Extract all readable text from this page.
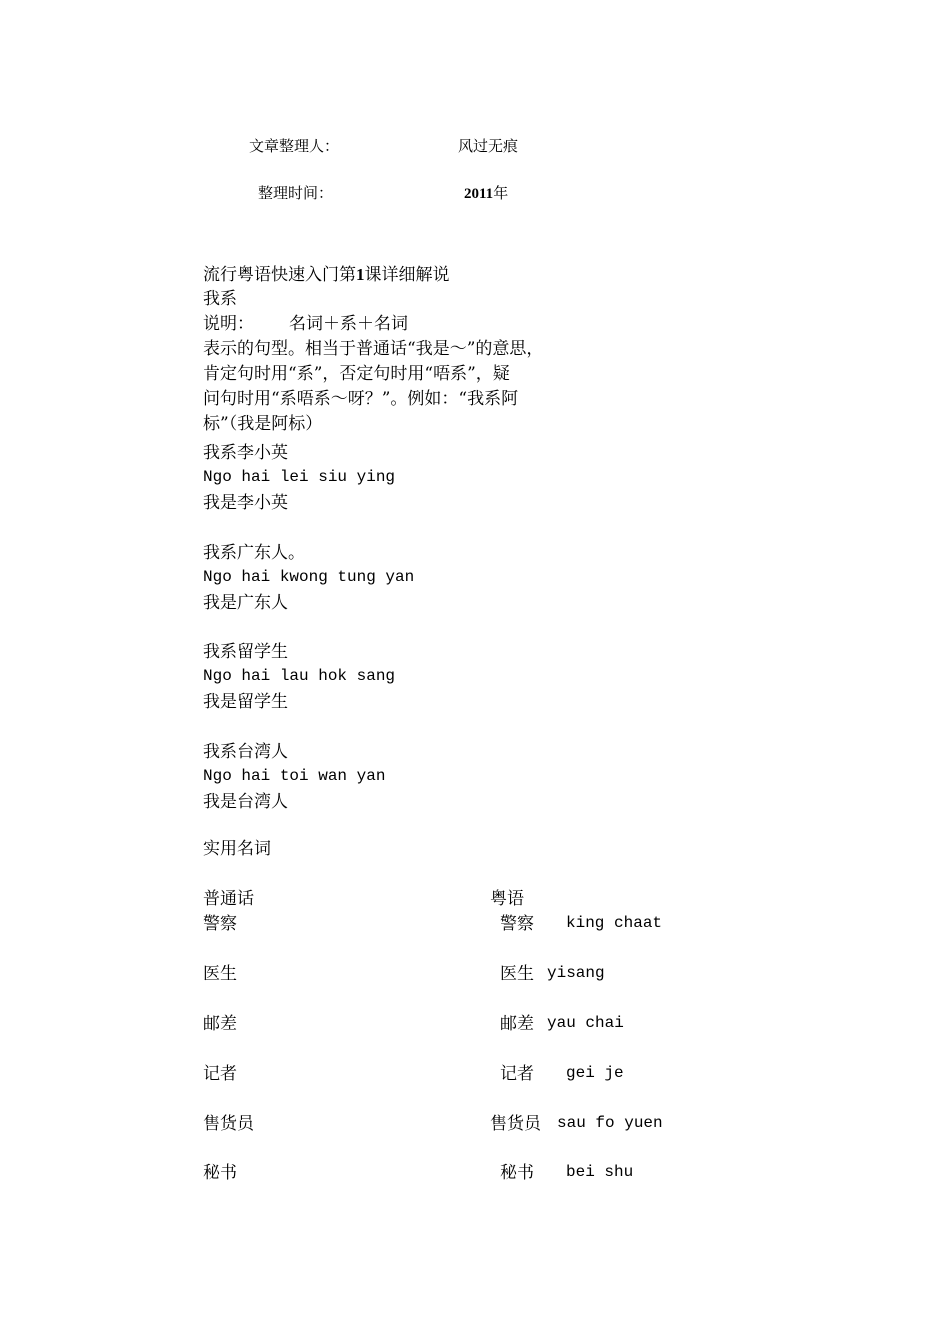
文章整理人：	风过无痕
整理时间：	2011年
流行粤语快速入门第1课详细解说
我系
说明： 名词＋系＋名词
表示的句型。相当于普通话“我是～”的意思，
肯定句时用“系”，否定句时用“唔系”，疑
问句时用“系唔系～呀？”。例如：“我系阿
标”（我是阿标）
我系李小英
Ngo hai lei siu ying
我是李小英
我系广东人。
Ngo hai kwong tung yan
我是广东人
我系留学生
Ngo hai lau hok sang
我是留学生
我系台湾人
Ngo hai toi wan yan
我是台湾人
实用名词
普通话	粤语
警察	警察 king chaat
医生	医生 yisang
邮差	邮差 yau chai
记者	记者 gei je
售货员	售货员 sau fo yuen
秘书	秘书 bei shu
